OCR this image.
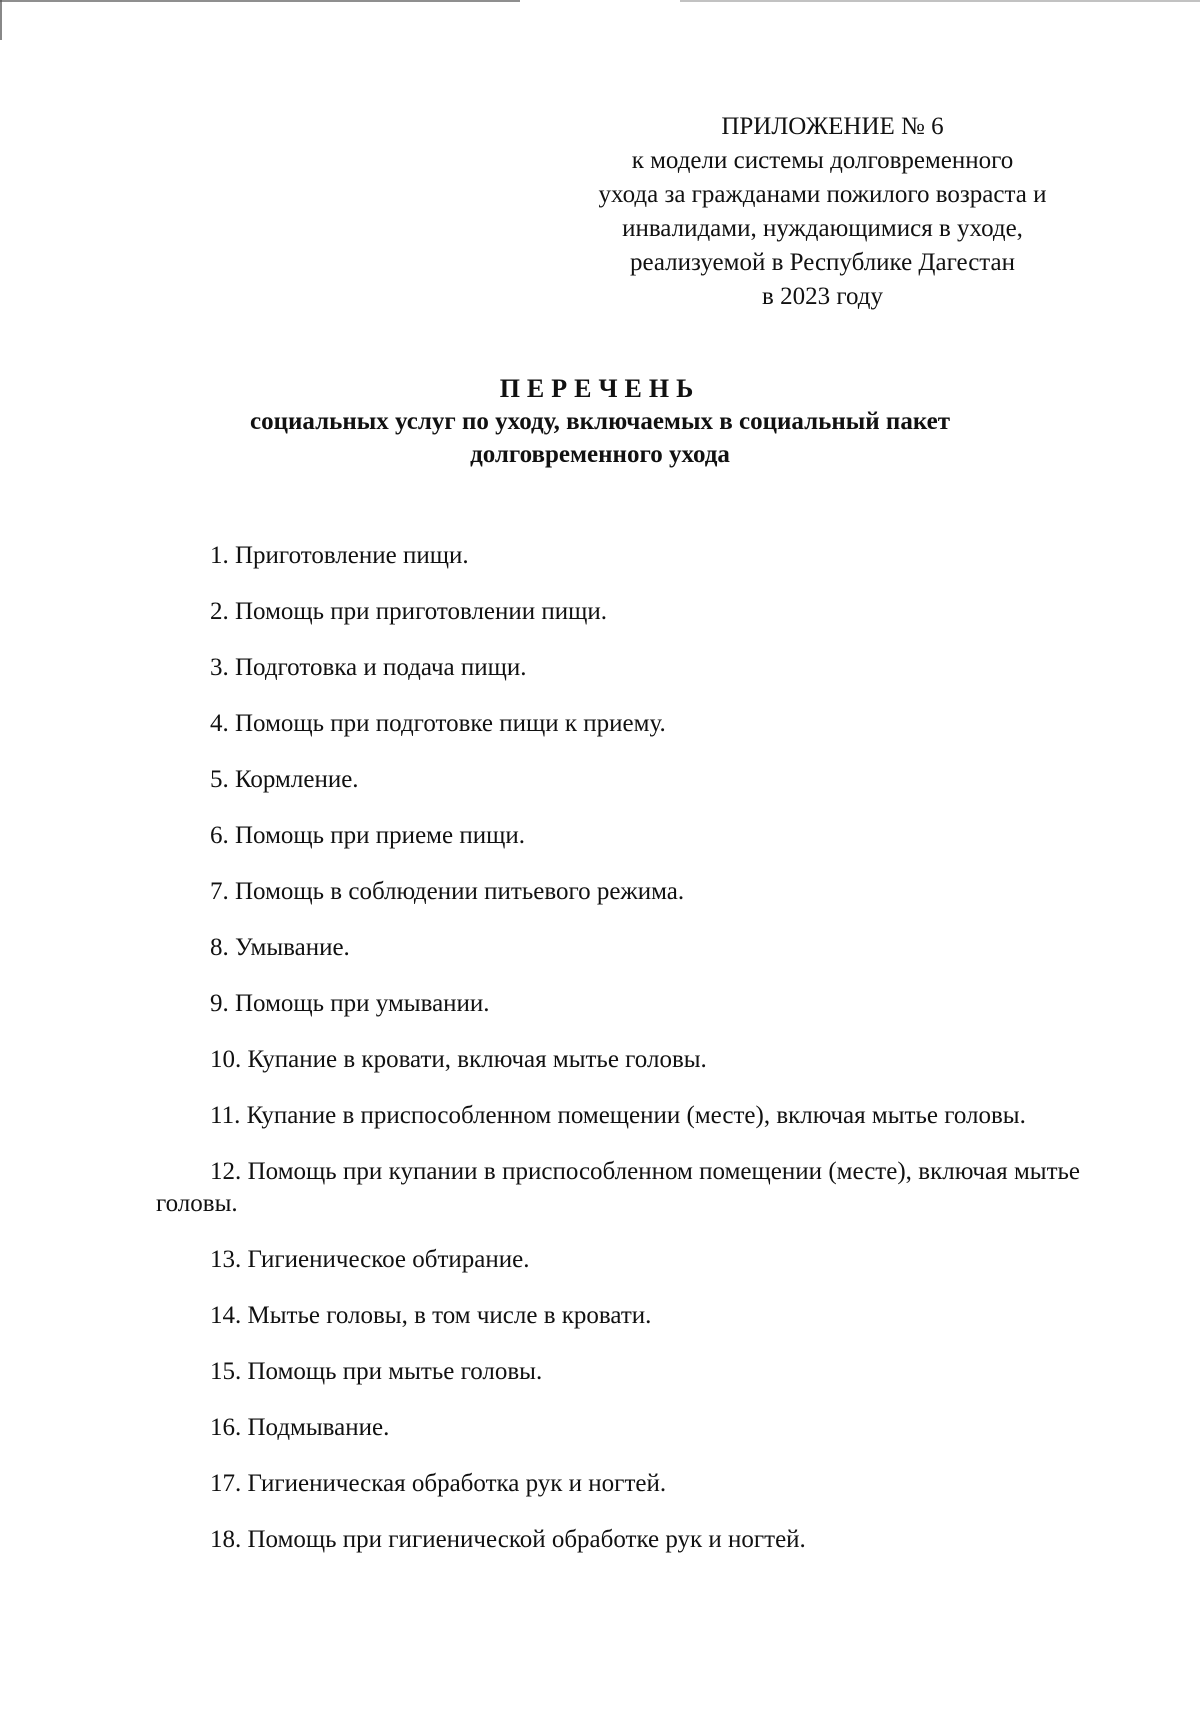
ПРИЛОЖЕНИЕ № 6
к модели системы долговременного
ухода за гражданами пожилого возраста и
инвалидами, нуждающимися в уходе,
реализуемой в Республике Дагестан
в 2023 году
ПЕРЕЧЕНЬ
социальных услуг по уходу, включаемых в социальный пакет
долговременного ухода

1. Приготовление пищи.

2. Помощь при приготовлении пищи.

3. Подготовка и подача пищи.

4. Помощь при подготовке пищи к приему.

5. Кормление.

6. Помощь при приеме пищи.

7. Помощь в соблюдении питьевого режима.

8. Умывание.

9. Помощь при умывании.

10. Купание в кровати, включая мытье головы.

11. Купание в приспособленном помещении (месте), включая мытье головы.

12. Помощь при купании в приспособленном помещении (месте), включая мытье головы.

13. Гигиеническое обтирание.

14. Мытье головы, в том числе в кровати.

15. Помощь при мытье головы.

16. Подмывание.

17. Гигиеническая обработка рук и ногтей.

18. Помощь при гигиенической обработке рук и ногтей.
